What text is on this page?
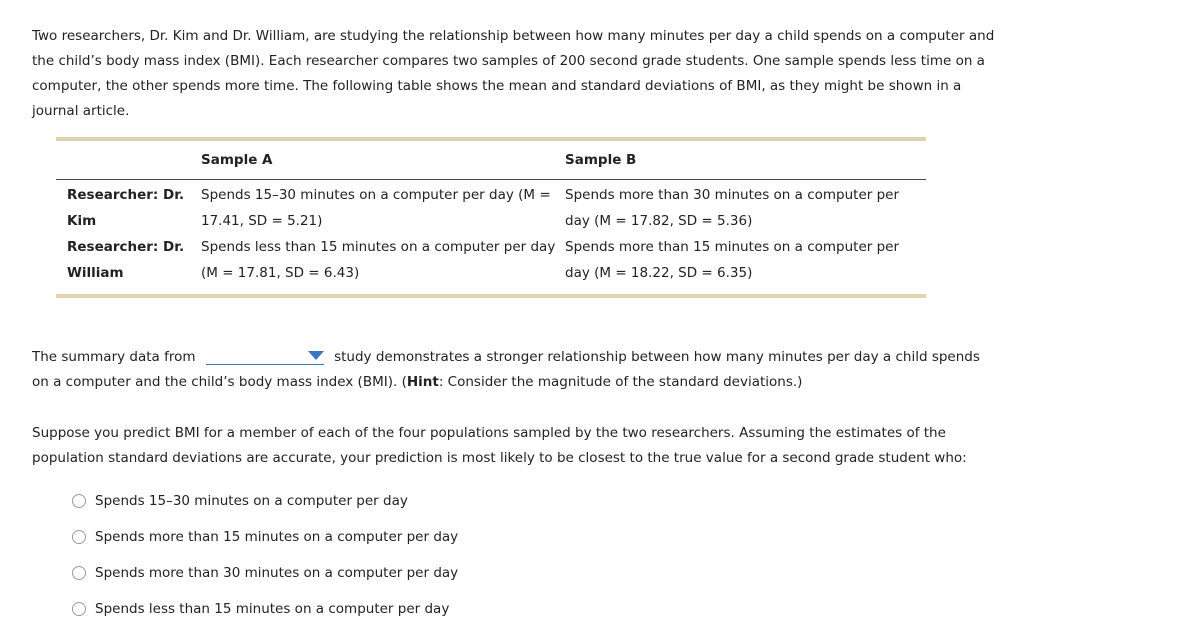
Two researchers, Dr. Kim and Dr. William, are studying the relationship between how many minutes per day a child spends on a computer and the child’s body mass index (BMI). Each researcher compares two samples of 200 second grade students. One sample spends less time on a computer, the other spends more time. The following table shows the mean and standard deviations of BMI, as they might be shown in a journal article.

	Sample A	Sample B
Researcher: Dr. Kim	Spends 15–30 minutes on a computer per day (M = 17.41, SD = 5.21)	Spends more than 30 minutes on a computer per day (M = 17.82, SD = 5.36)
Researcher: Dr. William	Spends less than 15 minutes on a computer per day (M = 17.81, SD = 6.43)	Spends more than 15 minutes on a computer per day (M = 18.22, SD = 6.35)

The summary data from	study demonstrates a stronger relationship between how many minutes per day a child spends on a computer and the child’s body mass index (BMI). (Hint: Consider the magnitude of the standard deviations.)

Suppose you predict BMI for a member of each of the four populations sampled by the two researchers. Assuming the estimates of the population standard deviations are accurate, your prediction is most likely to be closest to the true value for a second grade student who:

Spends 15–30 minutes on a computer per day
Spends more than 15 minutes on a computer per day
Spends more than 30 minutes on a computer per day
Spends less than 15 minutes on a computer per day
